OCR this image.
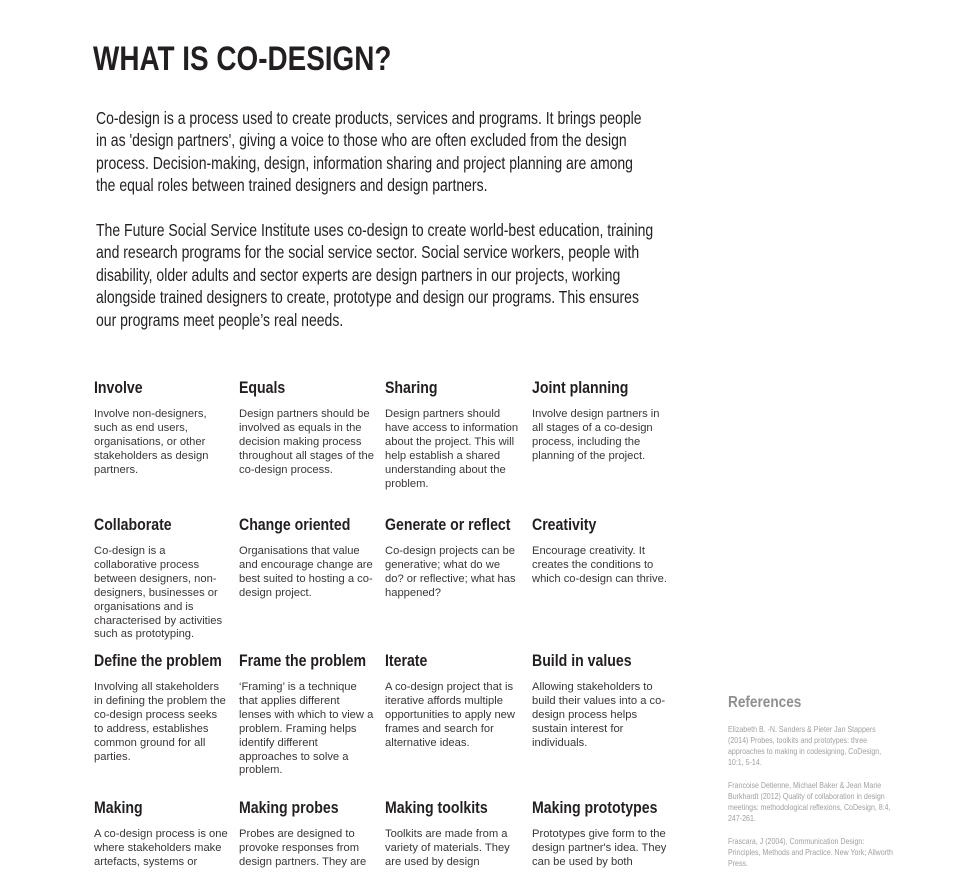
WHAT IS CO-DESIGN?

Co-design is a process used to create products, services and programs. It brings people in as 'design partners', giving a voice to those who are often excluded from the design process. Decision-making, design, information sharing and project planning are among the equal roles between trained designers and design partners.

The Future Social Service Institute uses co-design to create world-best education, training and research programs for the social service sector. Social service workers, people with disability, older adults and sector experts are design partners in our projects, working alongside trained designers to create, prototype and design our programs. This ensures our programs meet people’s real needs.

Involve

Involve non-designers, such as end users, organisations, or other stakeholders as design partners.

Equals

Design partners should be involved as equals in the decision making process throughout all stages of the co-design process.

Sharing

Design partners should have access to information about the project. This will help establish a shared understanding about the problem.

Joint planning

Involve design partners in all stages of a co-design process, including the planning of the project.

Collaborate

Co-design is a collaborative process between designers, non-designers, businesses or organisations and is characterised by activities such as prototyping.

Change oriented

Organisations that value and encourage change are best suited to hosting a co-design project.

Generate or reflect

Co-design projects can be generative; what do we do? or reflective; what has happened?

Creativity

Encourage creativity. It creates the conditions to which co-design can thrive.

Define the problem

Involving all stakeholders in defining the problem the co-design process seeks to address, establishes common ground for all parties.

Frame the problem

‘Framing’ is a technique that applies different lenses with which to view a problem. Framing helps identify different approaches to solve a problem.

Iterate

A co-design project that is iterative affords multiple opportunities to apply new frames and search for alternative ideas.

Build in values

Allowing stakeholders to build their values into a co-design process helps sustain interest for individuals.

Making

A co-design process is one where stakeholders make artefacts, systems or

Making probes

Probes are designed to provoke responses from design partners. They are

Making toolkits

Toolkits are made from a variety of materials. They are used by design

Making prototypes

Prototypes give form to the design partner's idea. They can be used by both

References

Elizabeth B. -N. Sanders & Pieter Jan Stappers (2014) Probes, toolkits and prototypes: three approaches to making in codesigning, CoDesign, 10:1, 5-14.

Francoise Detienne, Michael Baker & Jean Marie Burkhardt (2012) Quality of collaboration in design meetings: methodological reflexions, CoDesign, 8:4, 247-261.

Frascara, J (2004), Communication Design: Principles, Methods and Practice. New York; Allworth Press.
